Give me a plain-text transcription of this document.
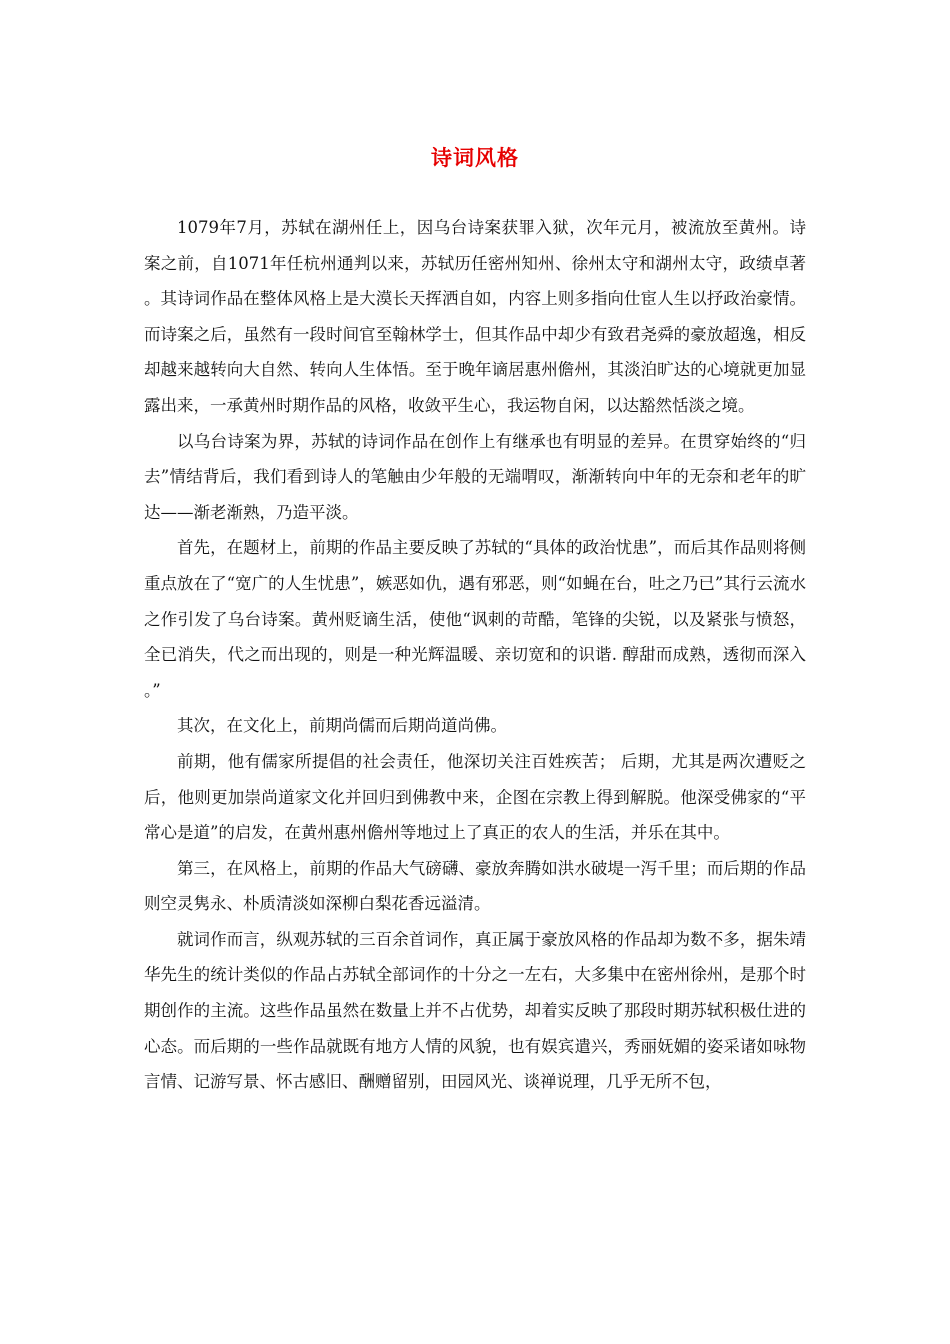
诗词风格

1079年7月，苏轼在湖州任上，因乌台诗案获罪入狱，次年元月，被流放至黄州。诗案之前，自1071年任杭州通判以来，苏轼历任密州知州、徐州太守和湖州太守，政绩卓著。其诗词作品在整体风格上是大漠长天挥洒自如，内容上则多指向仕宦人生以抒政治豪情。而诗案之后，虽然有一段时间官至翰林学士，但其作品中却少有致君尧舜的豪放超逸，相反却越来越转向大自然、转向人生体悟。至于晚年谪居惠州儋州，其淡泊旷达的心境就更加显露出来，一承黄州时期作品的风格，收敛平生心，我运物自闲，以达豁然恬淡之境。

以乌台诗案为界，苏轼的诗词作品在创作上有继承也有明显的差异。在贯穿始终的“归去”情结背后，我们看到诗人的笔触由少年般的无端喟叹，渐渐转向中年的无奈和老年的旷达——渐老渐熟，乃造平淡。

首先，在题材上，前期的作品主要反映了苏轼的“具体的政治忧患”，而后其作品则将侧重点放在了“宽广的人生忧患”，嫉恶如仇，遇有邪恶，则“如蝇在台，吐之乃已”其行云流水之作引发了乌台诗案。黄州贬谪生活，使他“讽刺的苛酷，笔锋的尖锐，以及紧张与愤怒，全已消失，代之而出现的，则是一种光辉温暖、亲切宽和的识谐. 醇甜而成熟，透彻而深入。”

其次，在文化上，前期尚儒而后期尚道尚佛。

前期，他有儒家所提倡的社会责任，他深切关注百姓疾苦； 后期，尤其是两次遭贬之后，他则更加崇尚道家文化并回归到佛教中来，企图在宗教上得到解脱。他深受佛家的“平常心是道”的启发，在黄州惠州儋州等地过上了真正的农人的生活，并乐在其中。

第三，在风格上，前期的作品大气磅礴、豪放奔腾如洪水破堤一泻千里；而后期的作品则空灵隽永、朴质清淡如深柳白梨花香远溢清。

就词作而言，纵观苏轼的三百余首词作，真正属于豪放风格的作品却为数不多，据朱靖华先生的统计类似的作品占苏轼全部词作的十分之一左右，大多集中在密州徐州，是那个时期创作的主流。这些作品虽然在数量上并不占优势，却着实反映了那段时期苏轼积极仕进的心态。而后期的一些作品就既有地方人情的风貌，也有娱宾遣兴，秀丽妩媚的姿采诸如咏物言情、记游写景、怀古感旧、酬赠留别，田园风光、谈禅说理，几乎无所不包，
